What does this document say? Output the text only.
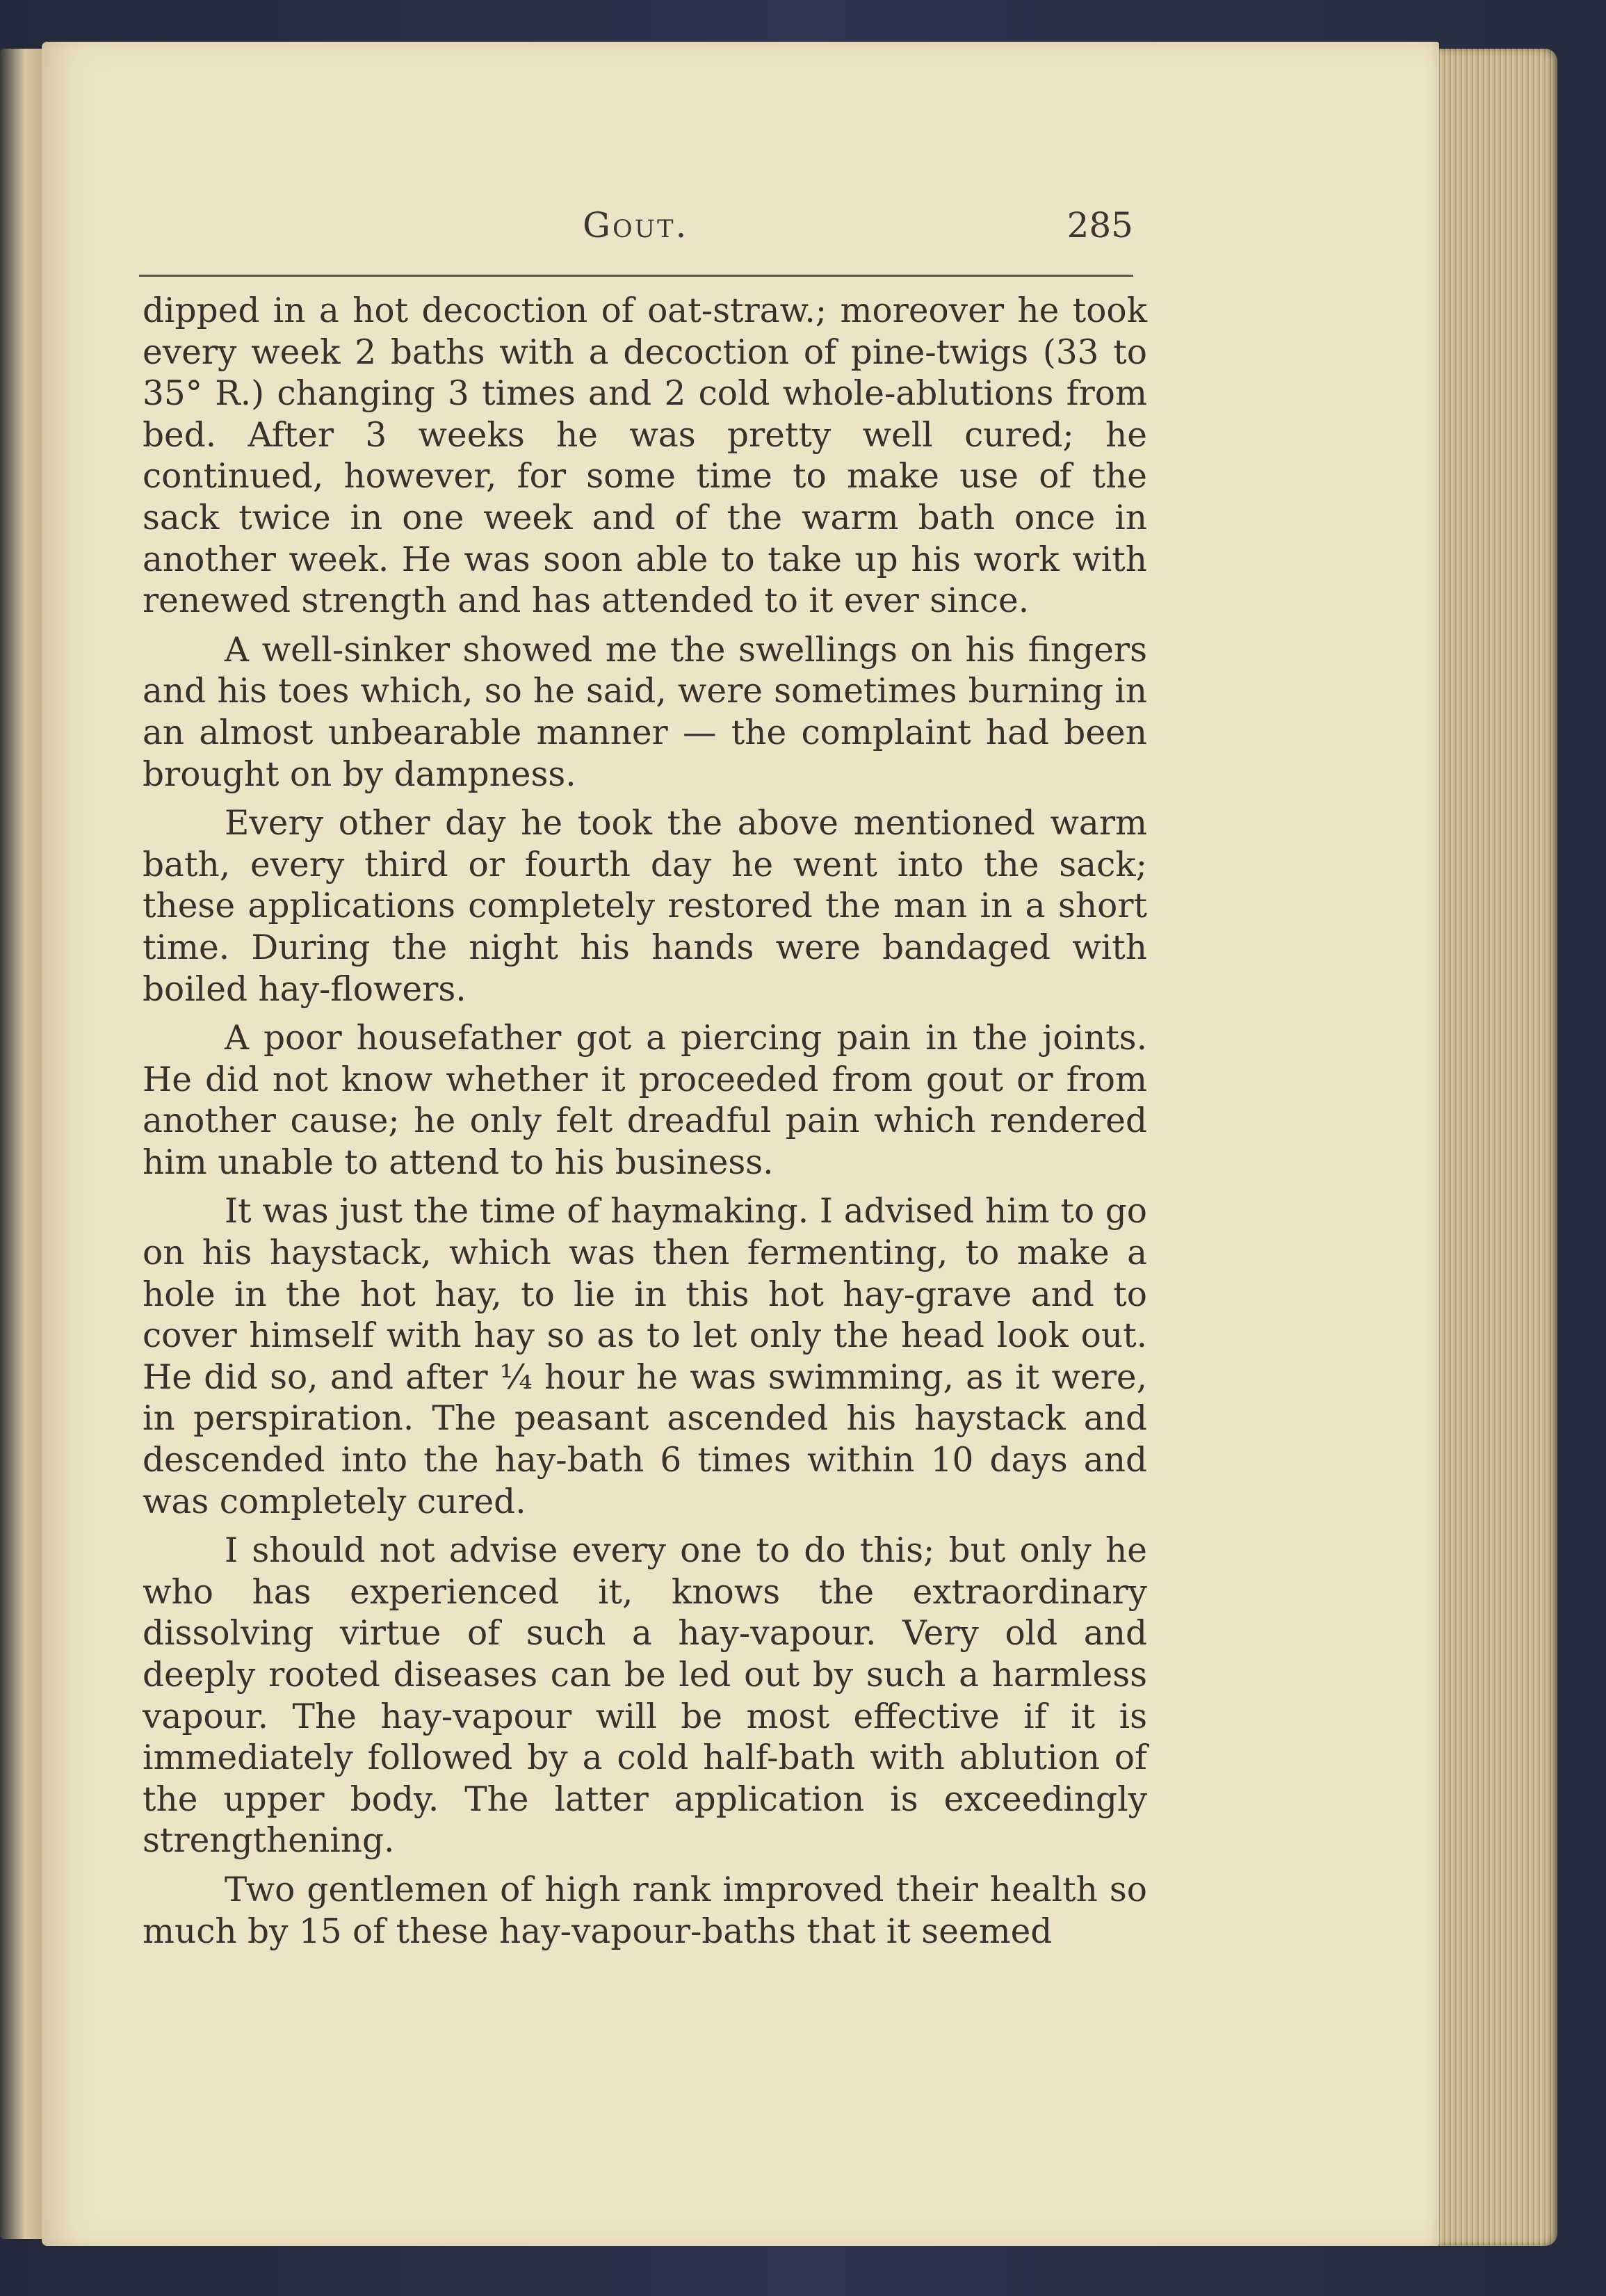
Gout.	285

dipped in a hot decoction of oat-straw.; moreover he took every week 2 baths with a decoction of pine-twigs (33 to 35° R.) changing 3 times and 2 cold whole-ablutions from bed. After 3 weeks he was pretty well cured; he continued, however, for some time to make use of the sack twice in one week and of the warm bath once in another week. He was soon able to take up his work with renewed strength and has attended to it ever since.

A well-sinker showed me the swellings on his fingers and his toes which, so he said, were sometimes burning in an almost unbearable manner — the complaint had been brought on by dampness.

Every other day he took the above mentioned warm bath, every third or fourth day he went into the sack; these applications completely restored the man in a short time. During the night his hands were bandaged with boiled hay-flowers.

A poor housefather got a piercing pain in the joints. He did not know whether it proceeded from gout or from another cause; he only felt dreadful pain which rendered him unable to attend to his business.

It was just the time of haymaking. I advised him to go on his haystack, which was then fermenting, to make a hole in the hot hay, to lie in this hot hay-grave and to cover himself with hay so as to let only the head look out. He did so, and after ¼ hour he was swimming, as it were, in perspiration. The peasant ascended his haystack and descended into the hay-bath 6 times within 10 days and was completely cured.

I should not advise every one to do this; but only he who has experienced it, knows the extraordinary dissolving virtue of such a hay-vapour. Very old and deeply rooted diseases can be led out by such a harmless vapour. The hay-vapour will be most effective if it is immediately followed by a cold half-bath with ablution of the upper body. The latter application is exceedingly strengthening.

Two gentlemen of high rank improved their health so much by 15 of these hay-vapour-baths that it seemed
